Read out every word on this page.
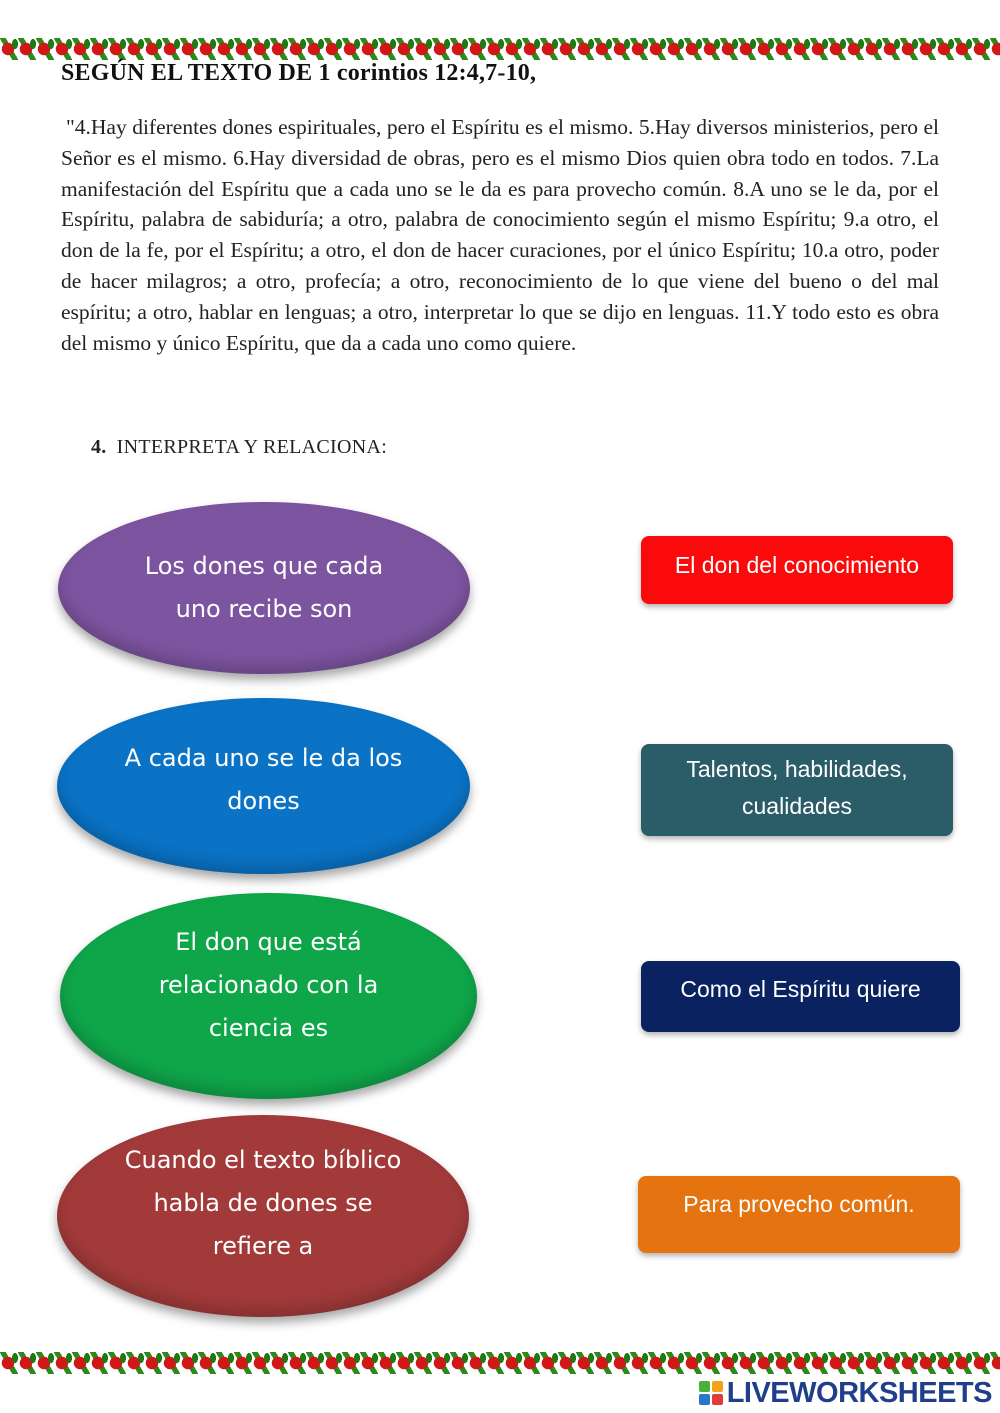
SEGÚN EL TEXTO DE 1 corintios 12:4,7-10,

"4.Hay diferentes dones espirituales, pero el Espíritu es el mismo. 5.Hay diversos ministerios, pero el Señor es el mismo. 6.Hay diversidad de obras, pero es el mismo Dios quien obra todo en todos. 7.La manifestación del Espíritu que a cada uno se le da es para provecho común. 8.A uno se le da, por el Espíritu, palabra de sabiduría; a otro, palabra de conocimiento según el mismo Espíritu; 9.a otro, el don de la fe, por el Espíritu; a otro, el don de hacer curaciones, por el único Espíritu; 10.a otro, poder de hacer milagros; a otro, profecía; a otro, reconocimiento de lo que viene del bueno o del mal espíritu; a otro, hablar en lenguas; a otro, interpretar lo que se dijo en lenguas. 11.Y todo esto es obra del mismo y único Espíritu, que da a cada uno como quiere.

4. INTERPRETA Y RELACIONA:

Los dones que cada uno recibe son
A cada uno se le da los dones
El don que está relacionado con la ciencia es
Cuando el texto bíblico habla de dones se refiere a
El don del conocimiento
Talentos, habilidades, cualidades
Como el Espíritu quiere
Para provecho común.
LIVEWORKSHEETS
